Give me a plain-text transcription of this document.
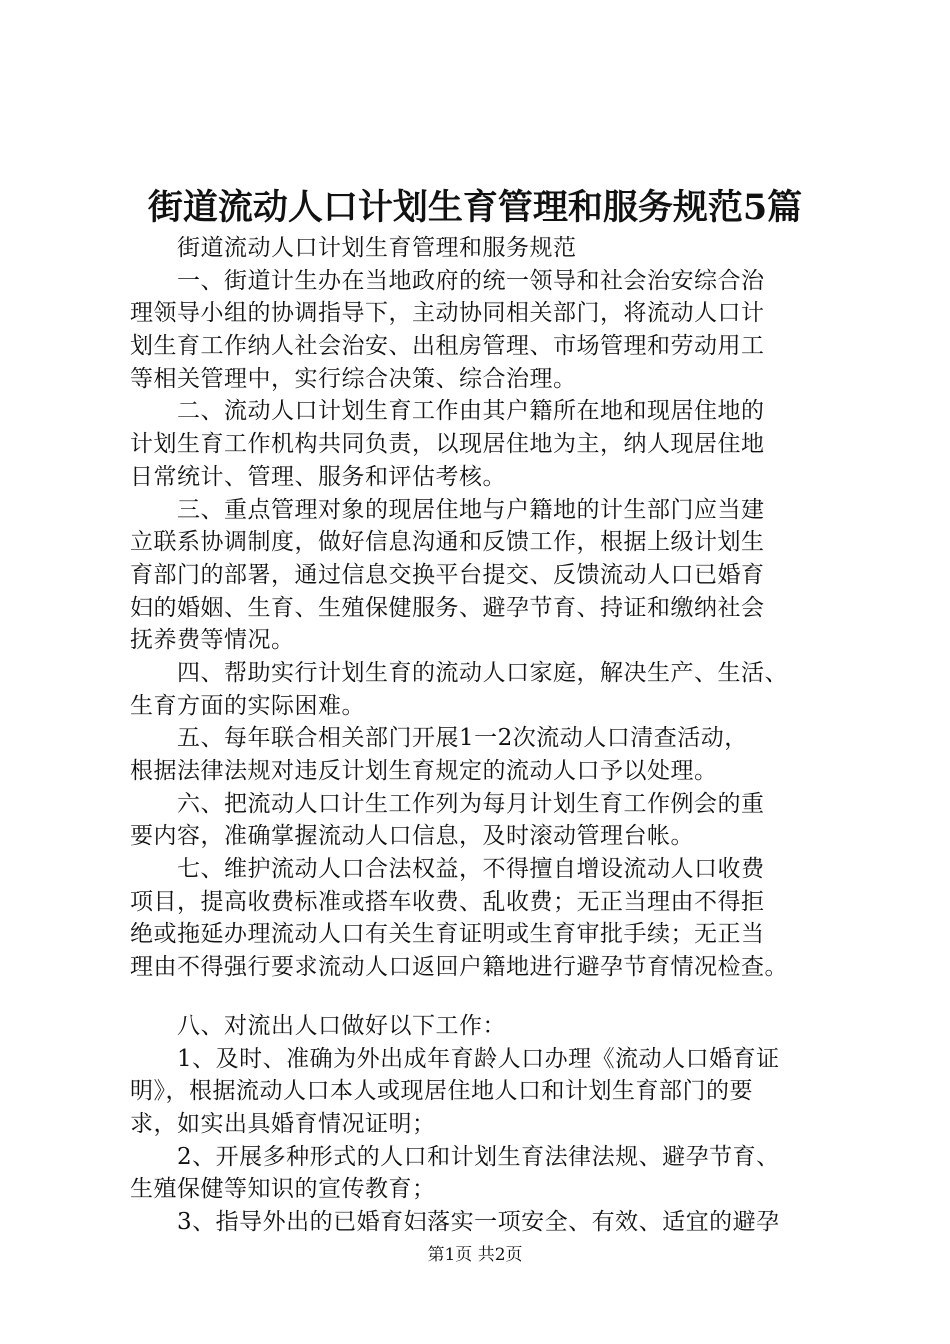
街道流动人口计划生育管理和服务规范5篇
街道流动人口计划生育管理和服务规范
一、街道计生办在当地政府的统一领导和社会治安综合治
理领导小组的协调指导下，主动协同相关部门，将流动人口计
划生育工作纳人社会治安、出租房管理、市场管理和劳动用工
等相关管理中，实行综合决策、综合治理。
二、流动人口计划生育工作由其户籍所在地和现居住地的
计划生育工作机构共同负责，以现居住地为主，纳人现居住地
日常统计、管理、服务和评估考核。
三、重点管理对象的现居住地与户籍地的计生部门应当建
立联系协调制度，做好信息沟通和反馈工作，根据上级计划生
育部门的部署，通过信息交换平台提交、反馈流动人口已婚育
妇的婚姻、生育、生殖保健服务、避孕节育、持证和缴纳社会
抚养费等情况。
四、帮助实行计划生育的流动人口家庭，解决生产、生活、
生育方面的实际困难。
五、每年联合相关部门开展1一2次流动人口清查活动，
根据法律法规对违反计划生育规定的流动人口予以处理。
六、把流动人口计生工作列为每月计划生育工作例会的重
要内容，准确掌握流动人口信息，及时滚动管理台帐。
七、维护流动人口合法权益，不得擅自增设流动人口收费
项目，提高收费标准或搭车收费、乱收费；无正当理由不得拒
绝或拖延办理流动人口有关生育证明或生育审批手续；无正当
理由不得强行要求流动人口返回户籍地进行避孕节育情况检查。
八、对流出人口做好以下工作：
1、及时、准确为外出成年育龄人口办理《流动人口婚育证
明》，根据流动人口本人或现居住地人口和计划生育部门的要
求，如实出具婚育情况证明；
2、开展多种形式的人口和计划生育法律法规、避孕节育、
生殖保健等知识的宣传教育；
3、指导外出的已婚育妇落实一项安全、有效、适宜的避孕
第1页 共2页
